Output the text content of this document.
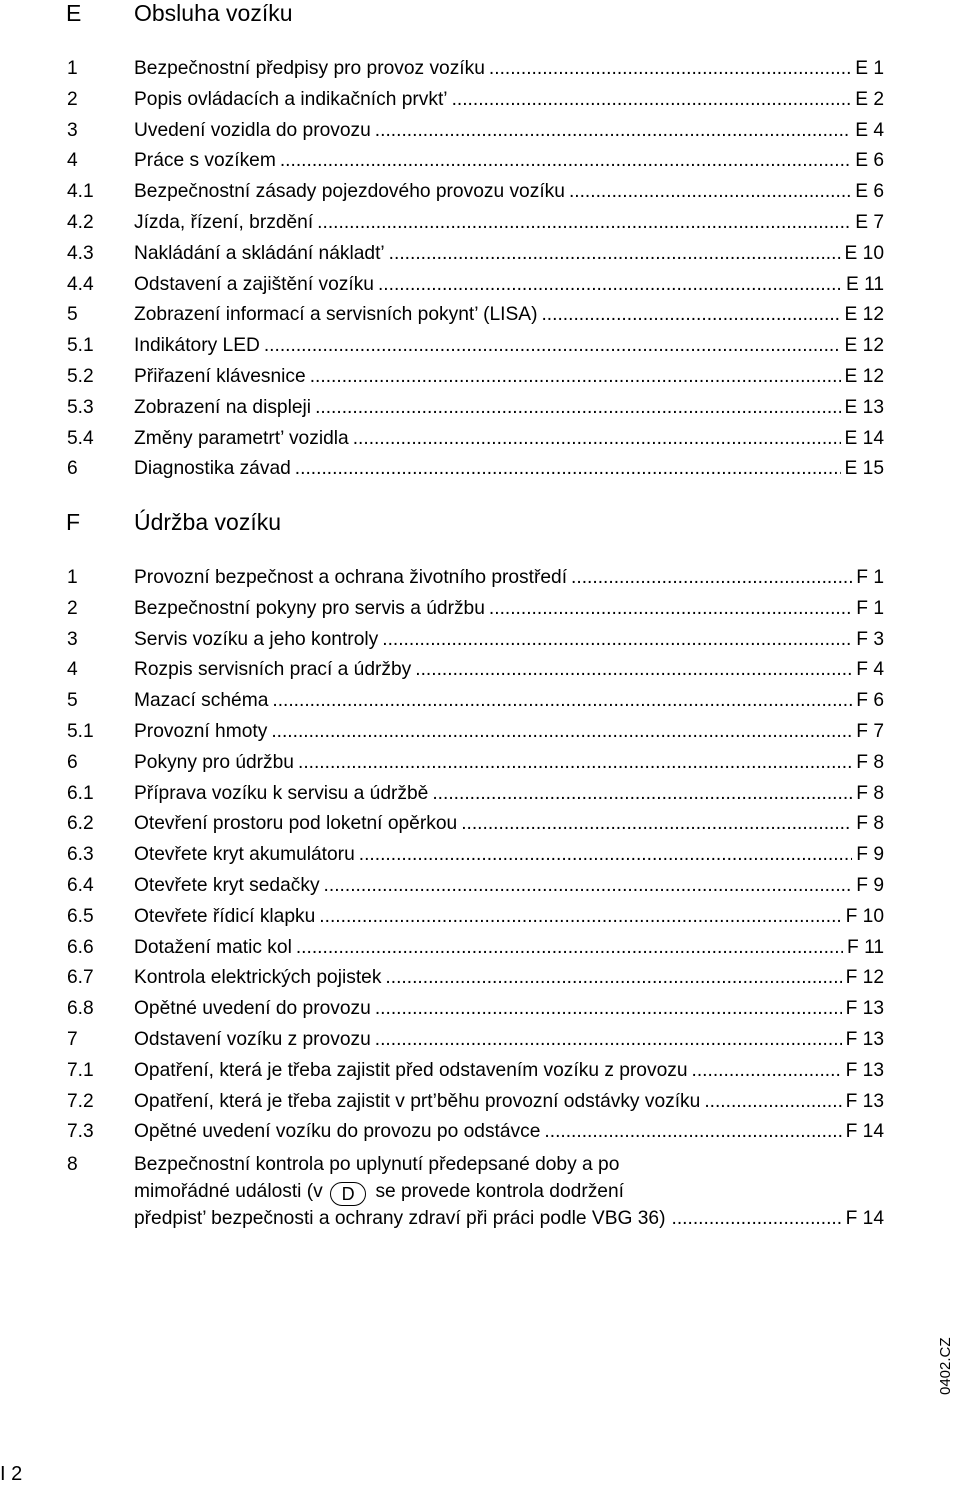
E Obsluha vozíku
1	Bezpečnostní předpisy pro provoz vozíku .....	E 1
2	Popis ovládacích a indikačních prvkt’ .....	E 2
3	Uvedení vozidla do provozu .....	E 4
4	Práce s vozíkem .....	E 6
4.1 Bezpečnostní zásady pojezdového provozu vozíku .....	E 6
4.2 Jízda, řízení, brzdění .....	E 7
4.3 Nakládání a skládání nákladt’ .....	E 10
4.4 Odstavení a zajištění vozíku .....	E 11
5	Zobrazení informací a servisních pokynt’ (LISA) .....	E 12
5.1 Indikátory LED .....	E 12
5.2 Přiřazení klávesnice .....	E 12
5.3 Zobrazení na displeji .....	E 13
5.4 Změny parametrt’ vozidla .....	E 14
6	Diagnostika závad .....	E 15
F Údržba vozíku
1	Provozní bezpečnost a ochrana životního prostředí .....	F 1
2	Bezpečnostní pokyny pro servis a údržbu .....	F 1
3	Servis vozíku a jeho kontroly .....	F 3
4	Rozpis servisních prací a údržby .....	F 4
5	Mazací schéma .....	F 6
5.1 Provozní hmoty .....	F 7
6	Pokyny pro údržbu .....	F 8
6.1 Příprava vozíku k servisu a údržbě .....	F 8
6.2 Otevření prostoru pod loketní opěrkou .....	F 8
6.3 Otevřete kryt akumulátoru .....	F 9
6.4 Otevřete kryt sedačky .....	F 9
6.5 Otevřete řídicí klapku .....	F 10
6.6 Dotažení matic kol .....	F 11
6.7 Kontrola elektrických pojistek .....	F 12
6.8 Opětné uvedení do provozu .....	F 13
7	Odstavení vozíku z provozu .....	F 13
7.1 Opatření, která je třeba zajistit před odstavením vozíku z provozu .....	F 13
7.2 Opatření, která je třeba zajistit v prt’běhu provozní odstávky vozíku .....	F 13
7.3 Opětné uvedení vozíku do provozu po odstávce .....	F 14
8	Bezpečnostní kontrola po uplynutí předepsané doby a po
mimořádné události (v D se provede kontrola dodržení
předpist’ bezpečnosti a ochrany zdraví při práci podle VBG 36) .....	F 14
I 2
0402.CZ
